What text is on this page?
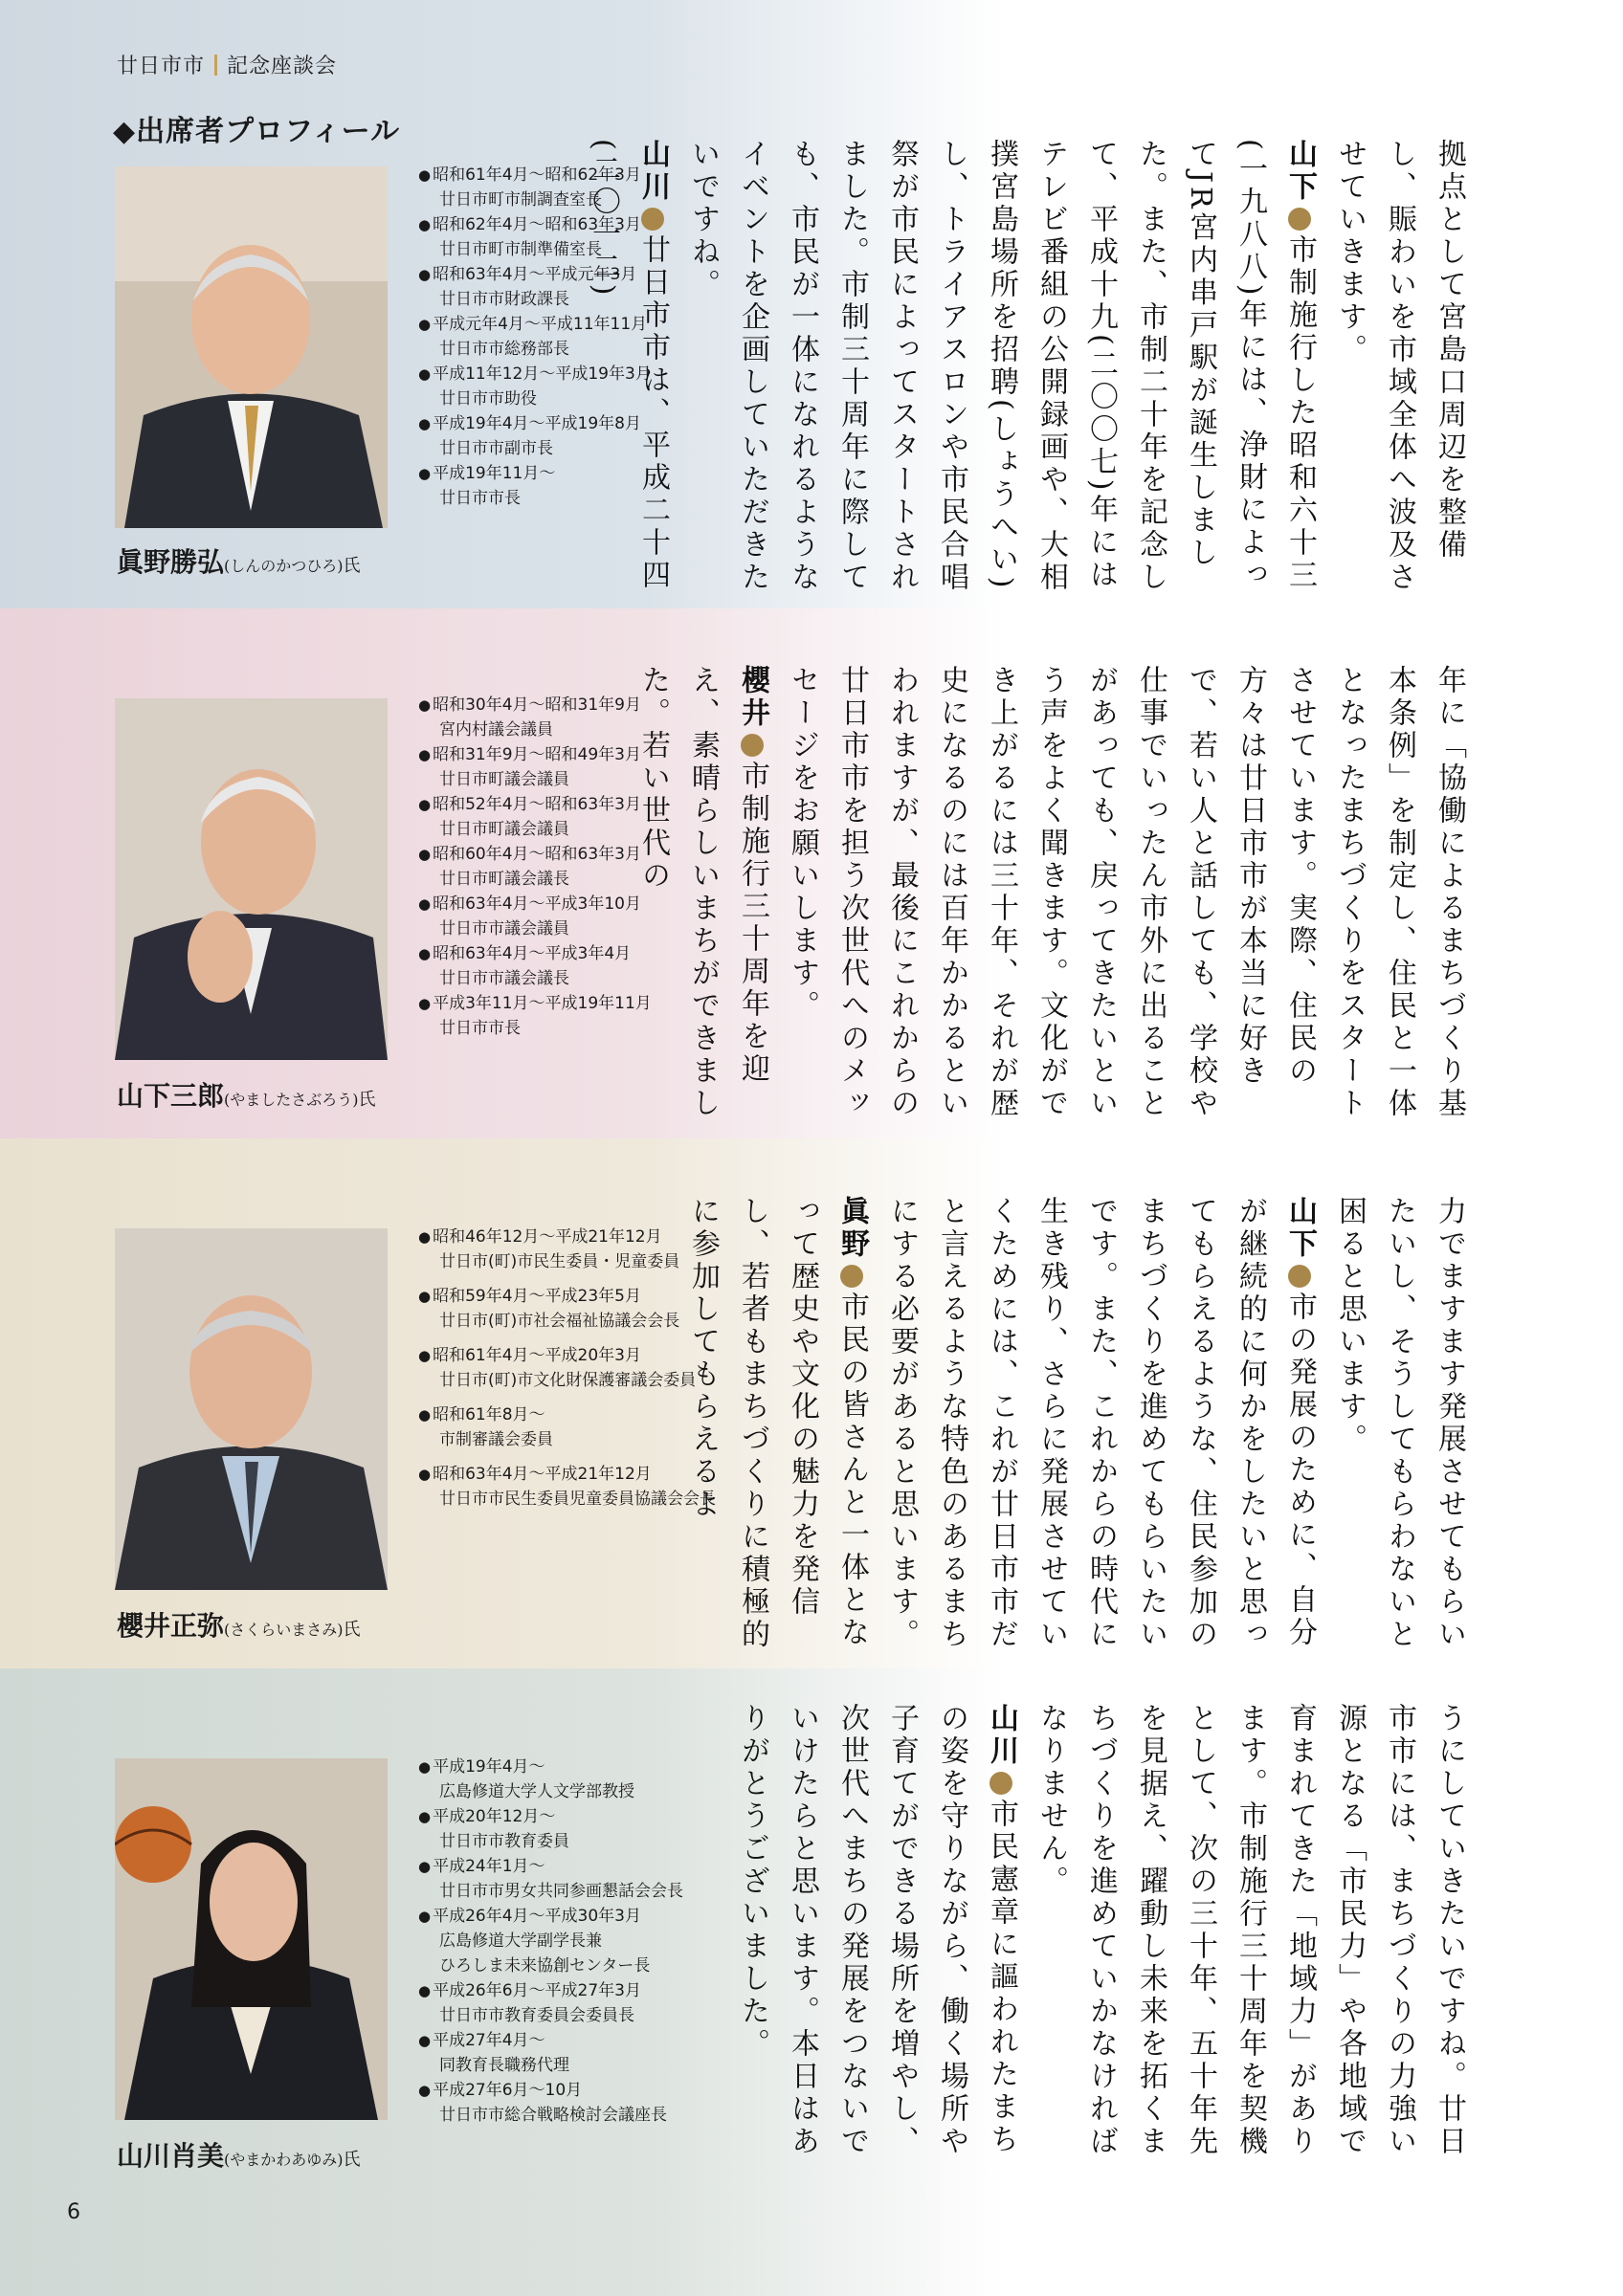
廿日市市 記念座談会
◆出席者プロフィール
眞野勝弘(しんのかつひろ)氏
● 昭和61年4月～昭和62年3月
廿日市町市制調査室長
● 昭和62年4月～昭和63年3月
廿日市町市制準備室長
● 昭和63年4月～平成元年3月
廿日市市財政課長
● 平成元年4月～平成11年11月
廿日市市総務部長
● 平成11年12月～平成19年3月
廿日市市助役
● 平成19年4月～平成19年8月
廿日市市副市長
● 平成19年11月～
廿日市市長
山下三郎(やましたさぶろう)氏
● 昭和30年4月～昭和31年9月
宮内村議会議員
● 昭和31年9月～昭和49年3月
廿日市町議会議員
● 昭和52年4月～昭和63年3月
廿日市町議会議員
● 昭和60年4月～昭和63年3月
廿日市町議会議長
● 昭和63年4月～平成3年10月
廿日市市議会議員
● 昭和63年4月～平成3年4月
廿日市市議会議長
● 平成3年11月～平成19年11月
廿日市市長
櫻井正弥(さくらいまさみ)氏
● 昭和46年12月～平成21年12月
廿日市(町)市民生委員・児童委員
● 昭和59年4月～平成23年5月
廿日市(町)市社会福祉協議会会長
● 昭和61年4月～平成20年3月
廿日市(町)市文化財保護審議会委員
● 昭和61年8月～
市制審議会委員
● 昭和63年4月～平成21年12月
廿日市市民生委員児童委員協議会会長
山川肖美(やまかわあゆみ)氏
● 平成19年4月～
広島修道大学人文学部教授
● 平成20年12月～
廿日市市教育委員
● 平成24年1月～
廿日市市男女共同参画懇話会会長
● 平成26年4月～平成30年3月
広島修道大学副学長兼
ひろしま未来協創センター長
● 平成26年6月～平成27年3月
廿日市市教育委員会委員長
● 平成27年4月～
同教育長職務代理
● 平成27年6月～10月
廿日市市総合戦略検討会議座長

拠点として宮島口周辺を整備し、賑わいを市域全体へ波及させていきます。

山下市制施行した昭和六十三(一九八八)年には、浄財によってJR宮内串戸駅が誕生しました。また、市制二十年を記念して、平成十九(二〇〇七)年にはテレビ番組の公開録画や、大相撲宮島場所を招聘(しょうへい)し、トライアスロンや市民合唱祭が市民によってスタートされました。市制三十周年に際しても、市民が一体になれるようなイベントを企画していただきたいですね。

山川廿日市市は、平成二十四(二〇一二)

年に「協働によるまちづくり基本条例」を制定し、住民と一体となったまちづくりをスタートさせています。実際、住民の方々は廿日市市が本当に好きで、若い人と話しても、学校や仕事でいったん市外に出ることがあっても、戻ってきたいという声をよく聞きます。文化ができ上がるには三十年、それが歴史になるのには百年かかるといわれますが、最後にこれからの廿日市市を担う次世代へのメッセージをお願いします。

櫻井市制施行三十周年を迎え、素晴らしいまちができました。若い世代の

力でますます発展させてもらいたいし、そうしてもらわないと困ると思います。

山下市の発展のために、自分が継続的に何かをしたいと思ってもらえるような、住民参加のまちづくりを進めてもらいたいです。また、これからの時代に生き残り、さらに発展させていくためには、これが廿日市市だと言えるような特色のあるまちにする必要があると思います。

眞野市民の皆さんと一体となって歴史や文化の魅力を発信し、若者もまちづくりに積極的に参加してもらえるよ

うにしていきたいですね。廿日市市には、まちづくりの力強い源となる「市民力」や各地域で育まれてきた「地域力」があります。市制施行三十周年を契機として、次の三十年、五十年先を見据え、躍動し未来を拓くまちづくりを進めていかなければなりません。

山川市民憲章に謳われたまちの姿を守りながら、働く場所や子育てができる場所を増やし、次世代へまちの発展をつないでいけたらと思います。本日はありがとうございました。

6
